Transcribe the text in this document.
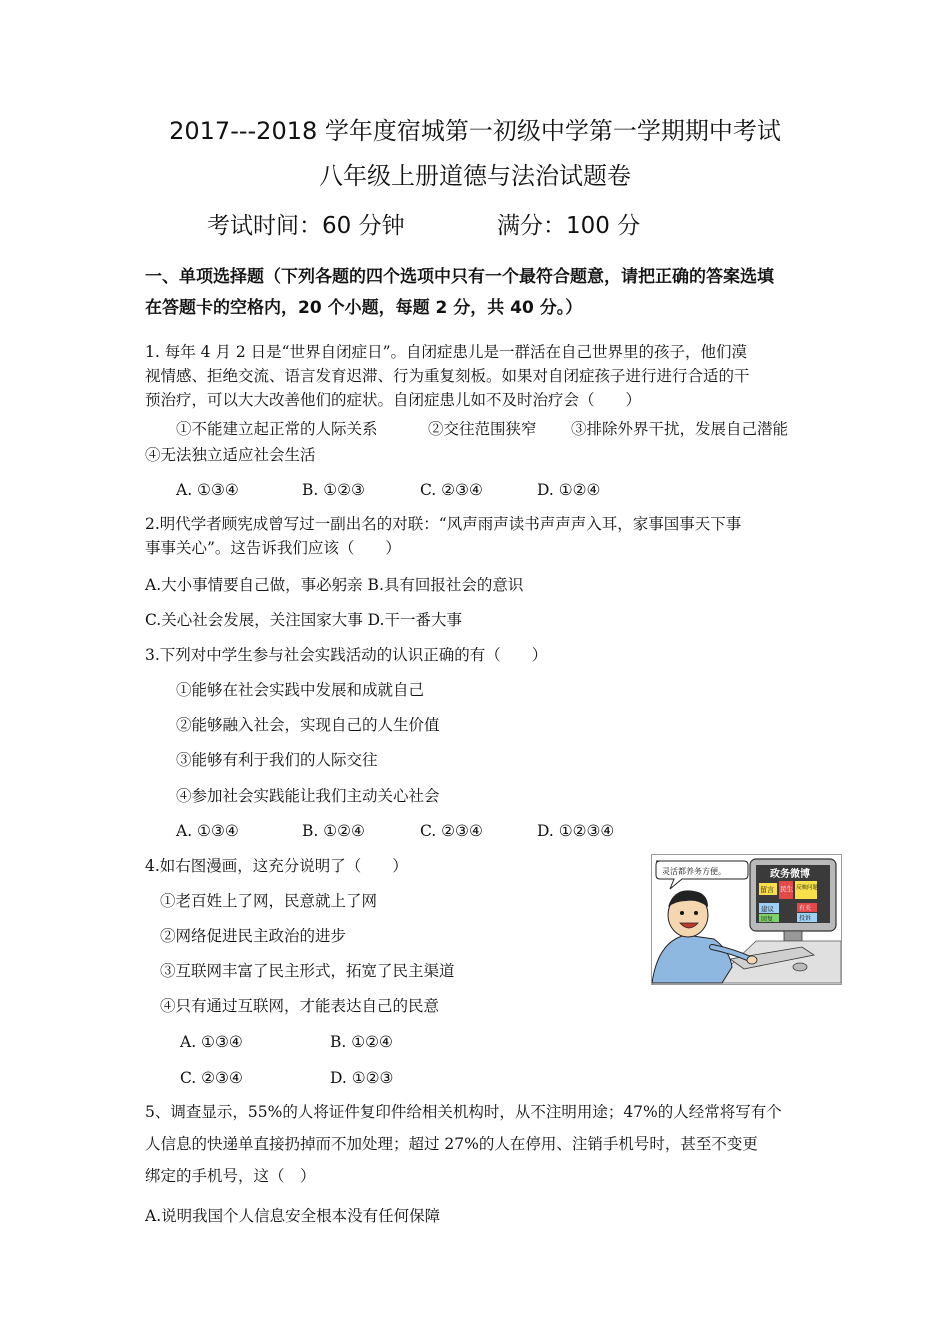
2017---2018 学年度宿城第一初级中学第一学期期中考试
八年级上册道德与法治试题卷
考试时间：60 分钟	满分：100 分
一、单项选择题（下列各题的四个选项中只有一个最符合题意，请把正确的答案选填
在答题卡的空格内，20 个小题，每题 2 分，共 40 分。）
1. 每年 4 月 2 日是“世界自闭症日”。自闭症患儿是一群活在自己世界里的孩子，他们漠
视情感、拒绝交流、语言发育迟滞、行为重复刻板。如果对自闭症孩子进行进行合适的干
预治疗，可以大大改善他们的症状。自闭症患儿如不及时治疗会（　　）
①不能建立起正常的人际关系	②交往范围狭窄 ③排除外界干扰，发展自己潜能
④无法独立适应社会生活
A. ①③④	B. ①②③	C. ②③④	D. ①②④
2.明代学者顾宪成曾写过一副出名的对联：“风声雨声读书声声声入耳，家事国事天下事
事事关心”。这告诉我们应该（　　）
A.大小事情要自己做，事必躬亲 B.具有回报社会的意识
C.关心社会发展，关注国家大事 D.干一番大事
3.下列对中学生参与社会实践活动的认识正确的有（　　）
①能够在社会实践中发展和成就自己
②能够融入社会，实现自己的人生价值
③能够有利于我们的人际交往
④参加社会实践能让我们主动关心社会
A. ①③④	B. ①②④	C. ②③④	D. ①②③④
4.如右图漫画，这充分说明了（　　）
①老百姓上了网，民意就上了网
②网络促进民主政治的进步
③互联网丰富了民主形式，拓宽了民主渠道
④只有通过互联网，才能表达自己的民意
A. ①③④	B. ①②④
C. ②③④	D. ①②③
灵活都养务方便。	政务微博
留言 民生 反映问题
建议
回复
有关
投诉
5、调查显示，55%的人将证件复印件给相关机构时，从不注明用途；47%的人经常将写有个
人信息的快递单直接扔掉而不加处理；超过 27%的人在停用、注销手机号时，甚至不变更
绑定的手机号，这（　）
A.说明我国个人信息安全根本没有任何保障
